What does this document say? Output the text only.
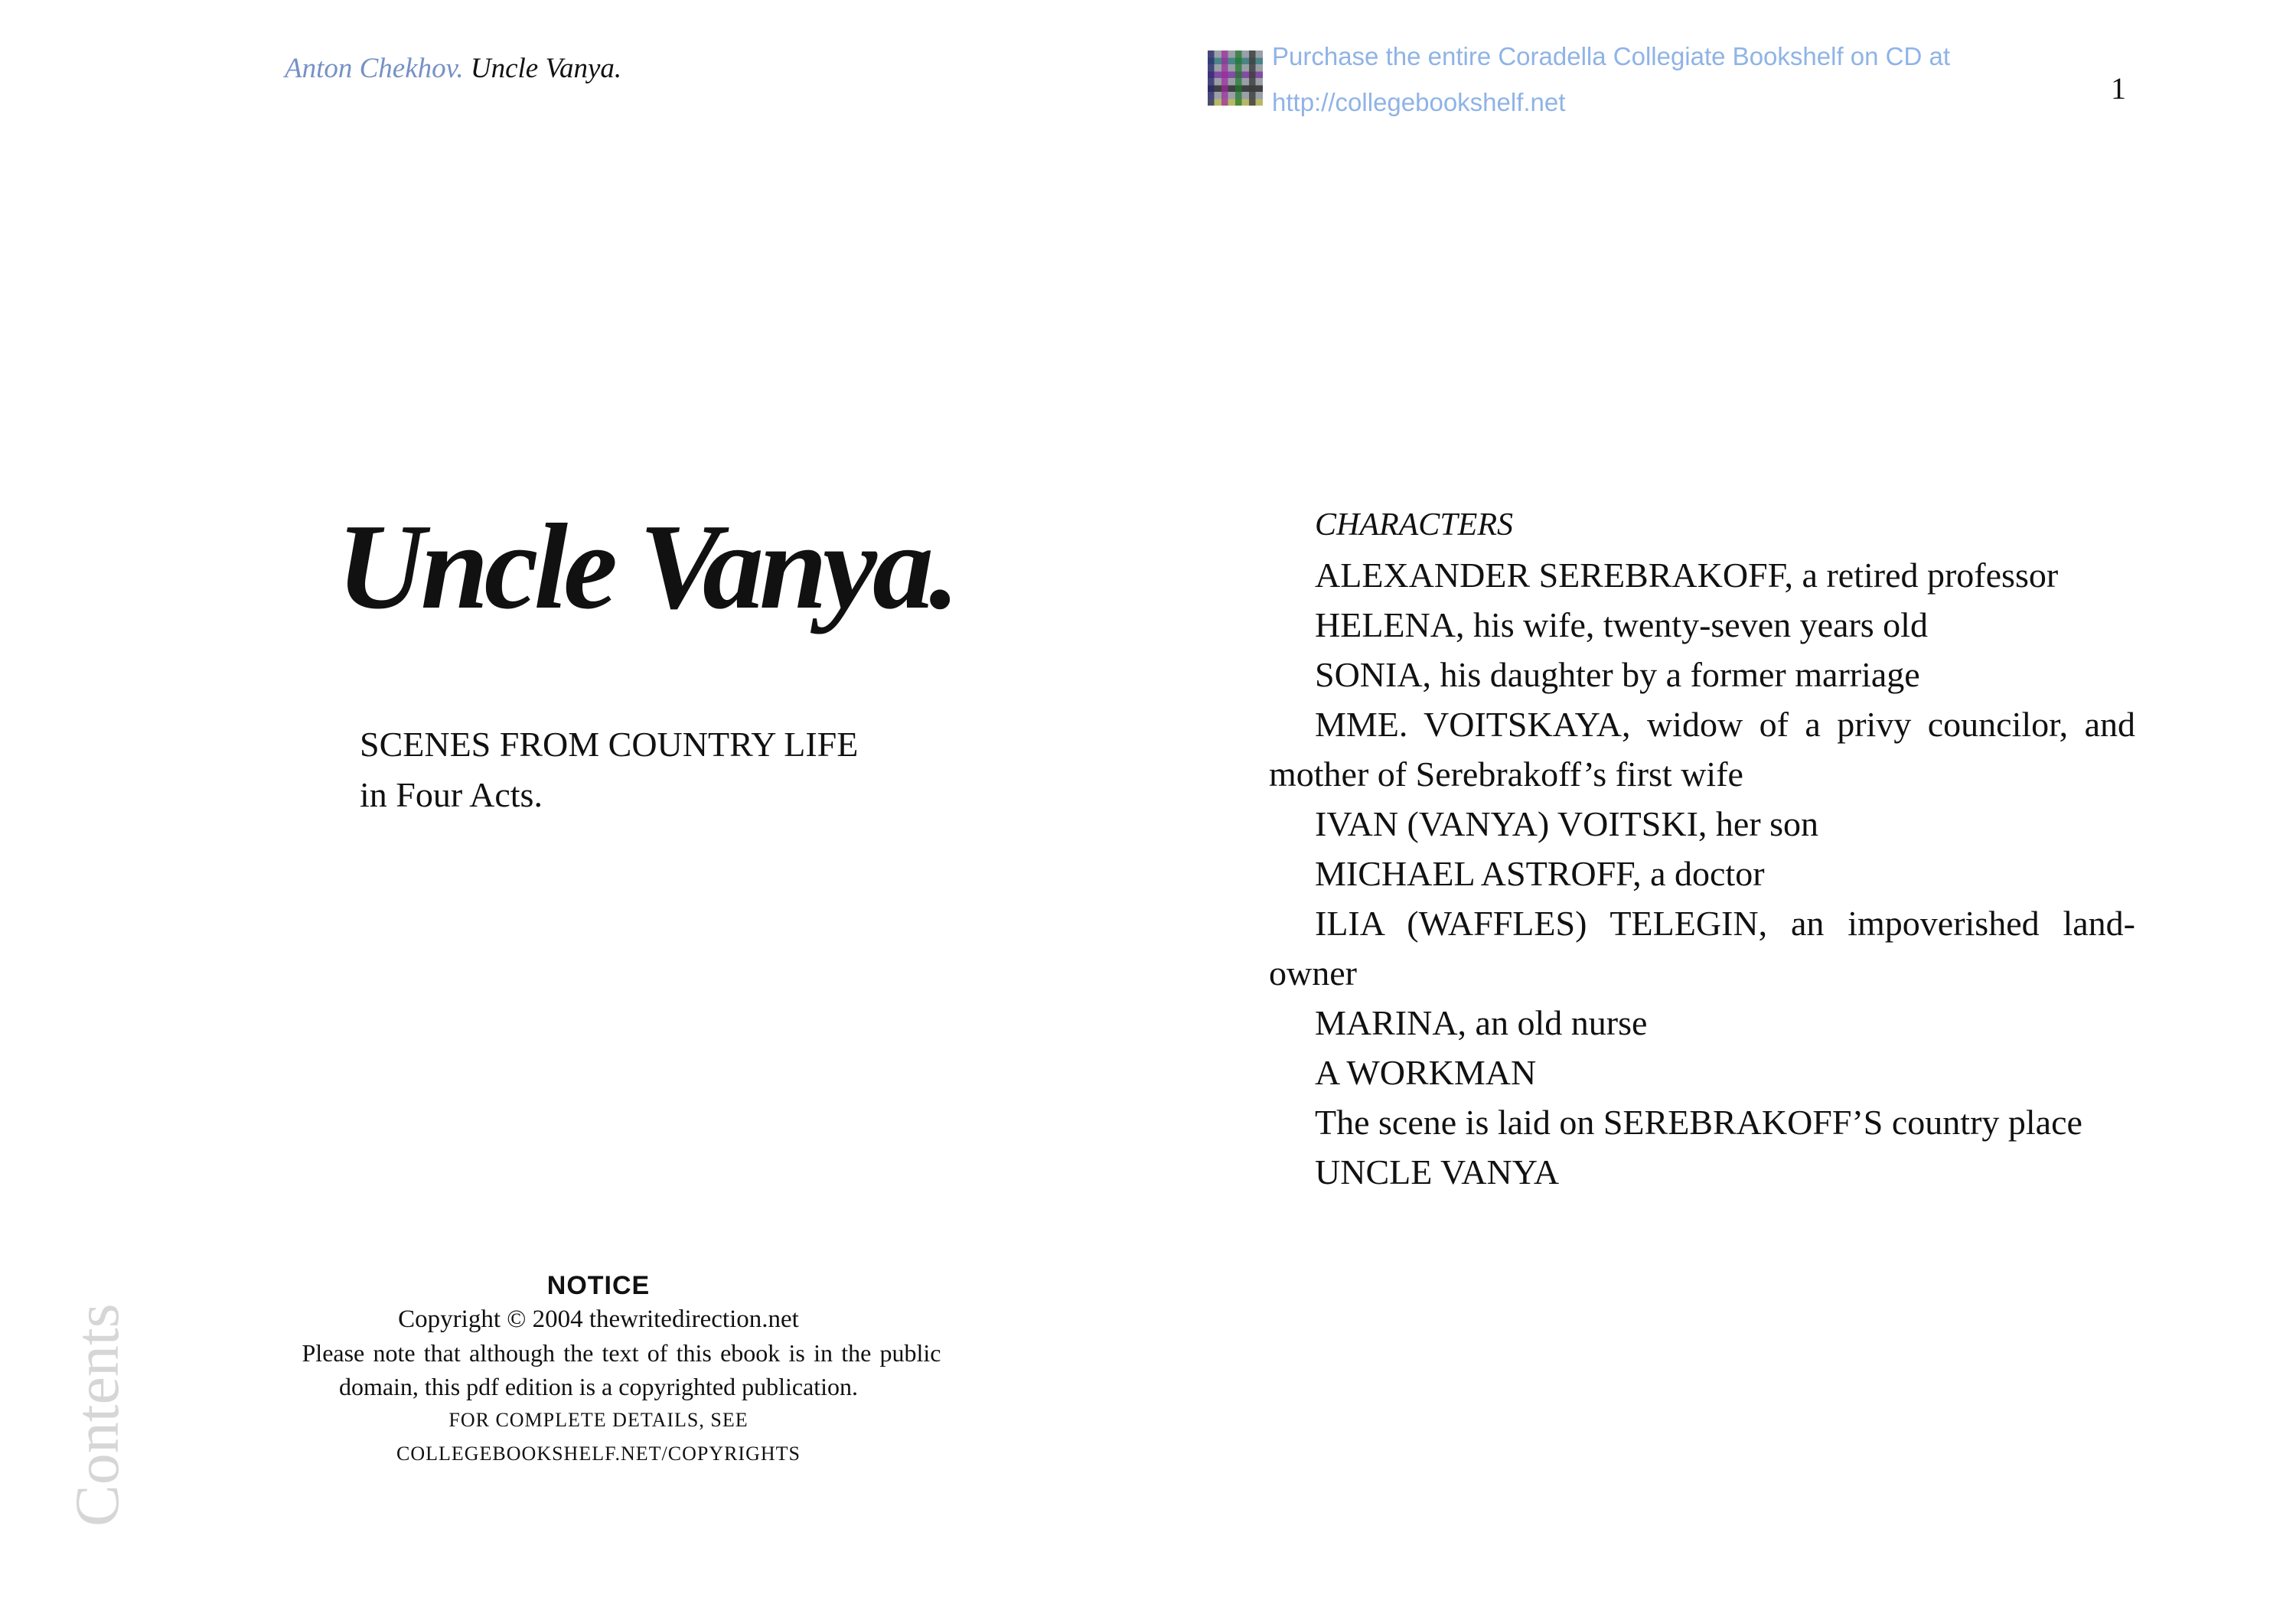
Anton Chekhov. Uncle Vanya.	Purchase the entire Coradella Collegiate Bookshelf on CD at
http://collegebookshelf.net	1
Uncle Vanya.
SCENES FROM COUNTRY LIFE
in Four Acts.
CHARACTERS

ALEXANDER SEREBRAKOFF, a retired professor

HELENA, his wife, twenty-seven years old

SONIA, his daughter by a former marriage

MME. VOITSKAYA, widow of a privy councilor, and mother of Serebrakoff’s first wife

IVAN (VANYA) VOITSKI, her son

MICHAEL ASTROFF, a doctor

ILIA (WAFFLES) TELEGIN, an impoverished land-owner

MARINA, an old nurse

A WORKMAN

The scene is laid on SEREBRAKOFF’S country place

UNCLE VANYA

NOTICE
Copyright © 2004 thewritedirection.net
Please note that although the text of this ebook is in the public domain, this pdf edition is a copyrighted publication.
FOR COMPLETE DETAILS, SEE
COLLEGEBOOKSHELF.NET/COPYRIGHTS
Contents
